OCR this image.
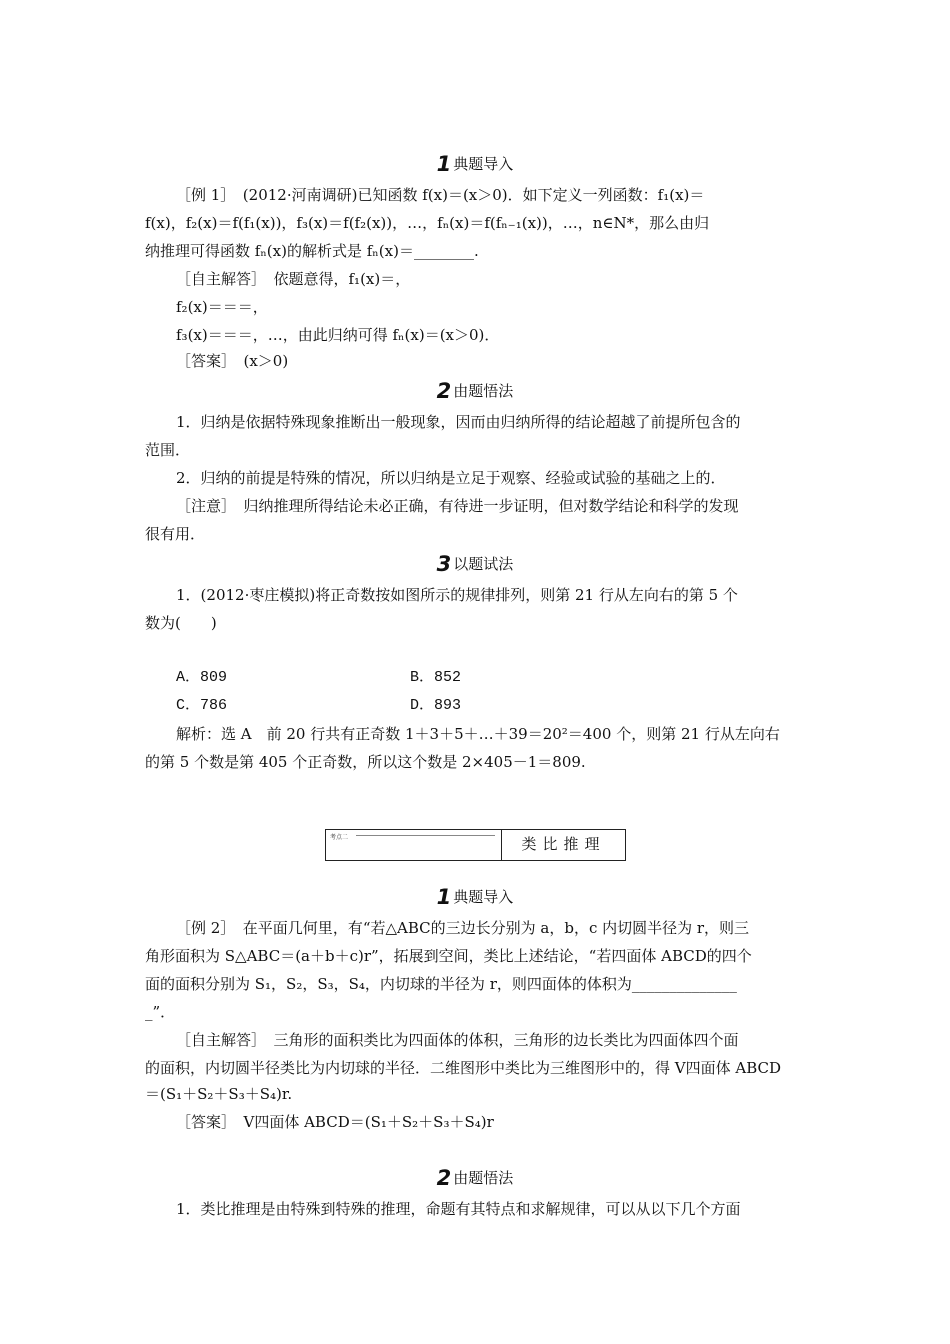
1 典题导入
［例 1］　(2012·河南调研)已知函数 f(x)＝(x＞0)．如下定义一列函数：f₁(x)＝
f(x)，f₂(x)＝f(f₁(x))，f₃(x)＝f(f₂(x))，…，fₙ(x)＝f(fₙ₋₁(x))，…，n∈N*，那么由归
纳推理可得函数 fₙ(x)的解析式是 fₙ(x)＝________.
［自主解答］　依题意得，f₁(x)＝，
f₂(x)＝＝＝，
f₃(x)＝＝＝，…，由此归纳可得 fₙ(x)＝(x＞0)．
［答案］　(x＞0)
2 由题悟法
1．归纳是依据特殊现象推断出一般现象，因而由归纳所得的结论超越了前提所包含的
范围．
2．归纳的前提是特殊的情况，所以归纳是立足于观察、经验或试验的基础之上的．
［注意］　归纳推理所得结论未必正确，有待进一步证明，但对数学结论和科学的发现
很有用．
3 以题试法
1．(2012·枣庄模拟)将正奇数按如图所示的规律排列，则第 21 行从左向右的第 5 个
数为(　　)
A．809	B．852
C．786	D．893
解析：选 A　前 20 行共有正奇数 1＋3＋5＋…＋39＝20²＝400 个，则第 21 行从左向右
的第 5 个数是第 405 个正奇数，所以这个数是 2×405－1＝809.
考点二	类比推理
1 典题导入
［例 2］　在平面几何里，有“若△ABC的三边长分别为 a，b，c 内切圆半径为 r，则三
角形面积为 S△ABC＝(a＋b＋c)r”，拓展到空间，类比上述结论，“若四面体 ABCD的四个
面的面积分别为 S₁，S₂，S₃，S₄，内切球的半径为 r，则四面体的体积为______________
_”．
［自主解答］　三角形的面积类比为四面体的体积，三角形的边长类比为四面体四个面
的面积，内切圆半径类比为内切球的半径．二维图形中类比为三维图形中的，得 V四面体 ABCD
＝(S₁＋S₂＋S₃＋S₄)r.
［答案］　V四面体 ABCD＝(S₁＋S₂＋S₃＋S₄)r
2 由题悟法
1．类比推理是由特殊到特殊的推理，命题有其特点和求解规律，可以从以下几个方面
